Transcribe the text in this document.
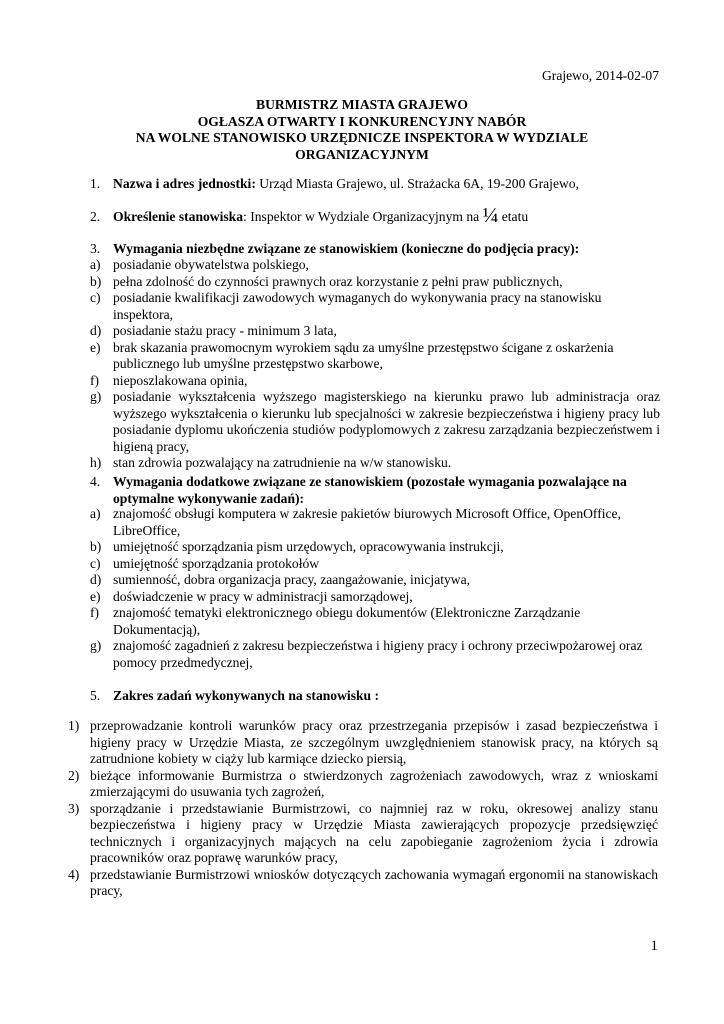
Grajewo, 2014-02-07
BURMISTRZ MIASTA GRAJEWO
OGŁASZA OTWARTY I KONKURENCYJNY NABÓR
NA WOLNE STANOWISKO URZĘDNICZE INSPEKTORA W WYDZIALE
ORGANIZACYJNYM
1. Nazwa i adres jednostki: Urząd Miasta Grajewo, ul. Strażacka 6A, 19-200 Grajewo,
2. Określenie stanowiska: Inspektor w Wydziale Organizacyjnym na ¼ etatu
3. Wymagania niezbędne związane ze stanowiskiem (konieczne do podjęcia pracy):
a) posiadanie obywatelstwa polskiego,
b) pełna zdolność do czynności prawnych oraz korzystanie z pełni praw publicznych,
c) posiadanie kwalifikacji zawodowych wymaganych do wykonywania pracy na stanowisku inspektora,
d) posiadanie stażu pracy - minimum 3 lata,
e) brak skazania prawomocnym wyrokiem sądu za umyślne przestępstwo ścigane z oskarżenia publicznego lub umyślne przestępstwo skarbowe,
f) nieposzlakowana opinia,
g) posiadanie wykształcenia wyższego magisterskiego na kierunku prawo lub administracja oraz wyższego wykształcenia o kierunku lub specjalności w zakresie bezpieczeństwa i higieny pracy lub posiadanie dyplomu ukończenia studiów podyplomowych z zakresu zarządzania bezpieczeństwem i higieną pracy,
h) stan zdrowia pozwalający na zatrudnienie na w/w stanowisku.
4. Wymagania dodatkowe związane ze stanowiskiem (pozostałe wymagania pozwalające na optymalne wykonywanie zadań):
a) znajomość obsługi komputera w zakresie pakietów biurowych Microsoft Office, OpenOffice, LibreOffice,
b) umiejętność sporządzania pism urzędowych, opracowywania instrukcji,
c) umiejętność sporządzania protokołów
d) sumienność, dobra organizacja pracy, zaangażowanie, inicjatywa,
e) doświadczenie w pracy w administracji samorządowej,
f) znajomość tematyki elektronicznego obiegu dokumentów (Elektroniczne Zarządzanie Dokumentacją),
g) znajomość zagadnień z zakresu bezpieczeństwa i higieny pracy i ochrony przeciwpożarowej oraz pomocy przedmedycznej,
5. Zakres zadań wykonywanych na stanowisku :
1) przeprowadzanie kontroli warunków pracy oraz przestrzegania przepisów i zasad bezpieczeństwa i higieny pracy w Urzędzie Miasta, ze szczególnym uwzględnieniem stanowisk pracy, na których są zatrudnione kobiety w ciąży lub karmiące dziecko piersią,
2) bieżące informowanie Burmistrza o stwierdzonych zagrożeniach zawodowych, wraz z wnioskami zmierzającymi do usuwania tych zagrożeń,
3) sporządzanie i przedstawianie Burmistrzowi, co najmniej raz w roku, okresowej analizy stanu bezpieczeństwa i higieny pracy w Urzędzie Miasta zawierających propozycje przedsięwzięć technicznych i organizacyjnych mających na celu zapobieganie zagrożeniom życia i zdrowia pracowników oraz poprawę warunków pracy,
4) przedstawianie Burmistrzowi wniosków dotyczących zachowania wymagań ergonomii na stanowiskach pracy,
1
